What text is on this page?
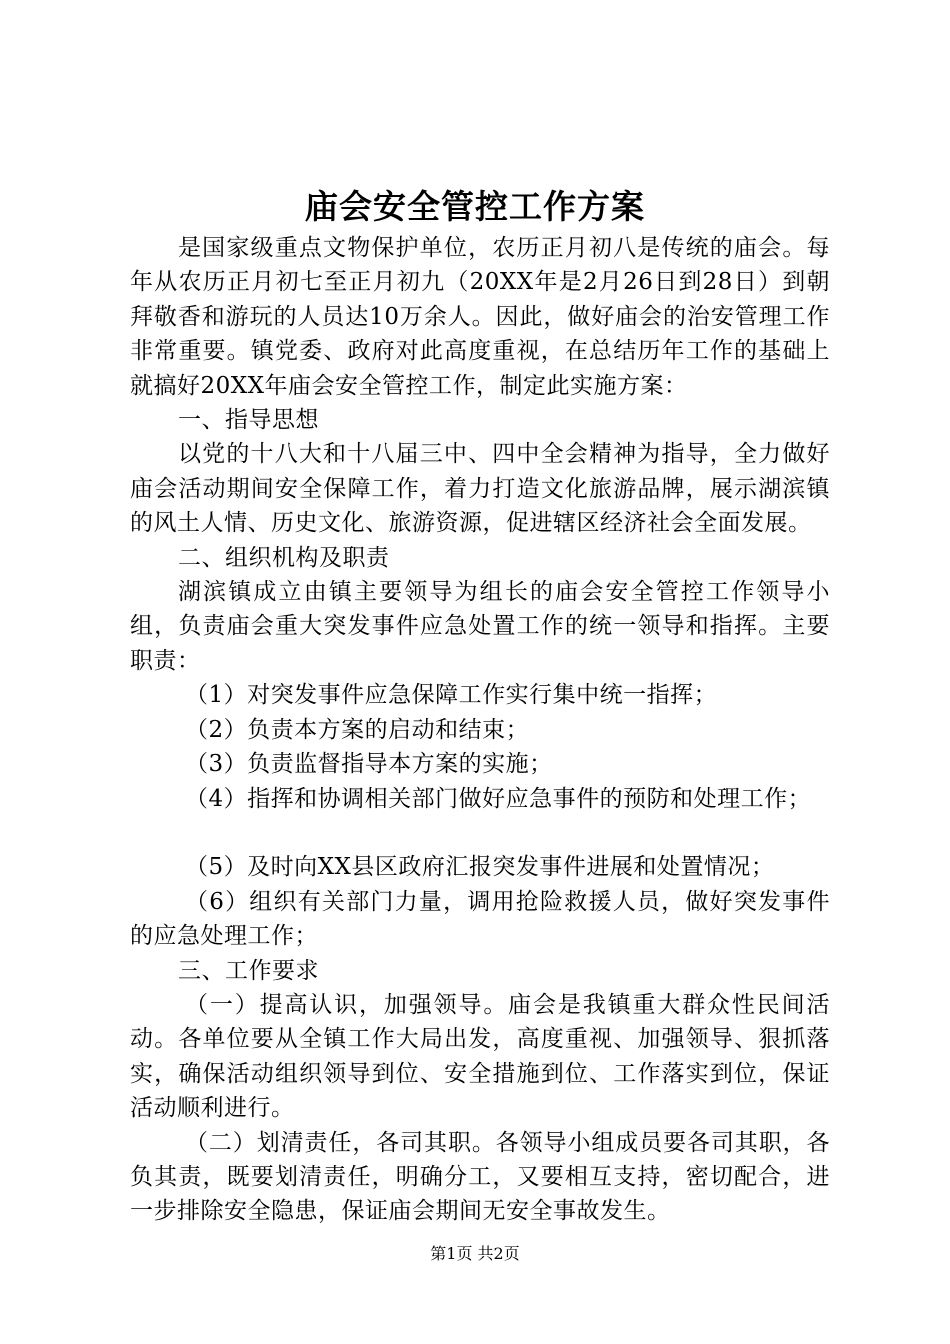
庙会安全管控工作方案

是国家级重点文物保护单位，农历正月初八是传统的庙会。每年从农历正月初七至正月初九（20XX年是2月26日到28日）到朝拜敬香和游玩的人员达10万余人。因此，做好庙会的治安管理工作非常重要。镇党委、政府对此高度重视，在总结历年工作的基础上就搞好20XX年庙会安全管控工作，制定此实施方案：

一、指导思想

以党的十八大和十八届三中、四中全会精神为指导，全力做好庙会活动期间安全保障工作，着力打造文化旅游品牌，展示湖滨镇的风土人情、历史文化、旅游资源，促进辖区经济社会全面发展。

二、组织机构及职责

湖滨镇成立由镇主要领导为组长的庙会安全管控工作领导小组，负责庙会重大突发事件应急处置工作的统一领导和指挥。主要职责：

（1）对突发事件应急保障工作实行集中统一指挥；

（2）负责本方案的启动和结束；

（3）负责监督指导本方案的实施；

（4）指挥和协调相关部门做好应急事件的预防和处理工作；

（5）及时向XX县区政府汇报突发事件进展和处置情况；

（6）组织有关部门力量，调用抢险救援人员，做好突发事件的应急处理工作；

三、工作要求

（一）提高认识，加强领导。庙会是我镇重大群众性民间活动。各单位要从全镇工作大局出发，高度重视、加强领导、狠抓落实，确保活动组织领导到位、安全措施到位、工作落实到位，保证活动顺利进行。

（二）划清责任，各司其职。各领导小组成员要各司其职，各负其责，既要划清责任，明确分工，又要相互支持，密切配合，进一步排除安全隐患，保证庙会期间无安全事故发生。

第1页 共2页
